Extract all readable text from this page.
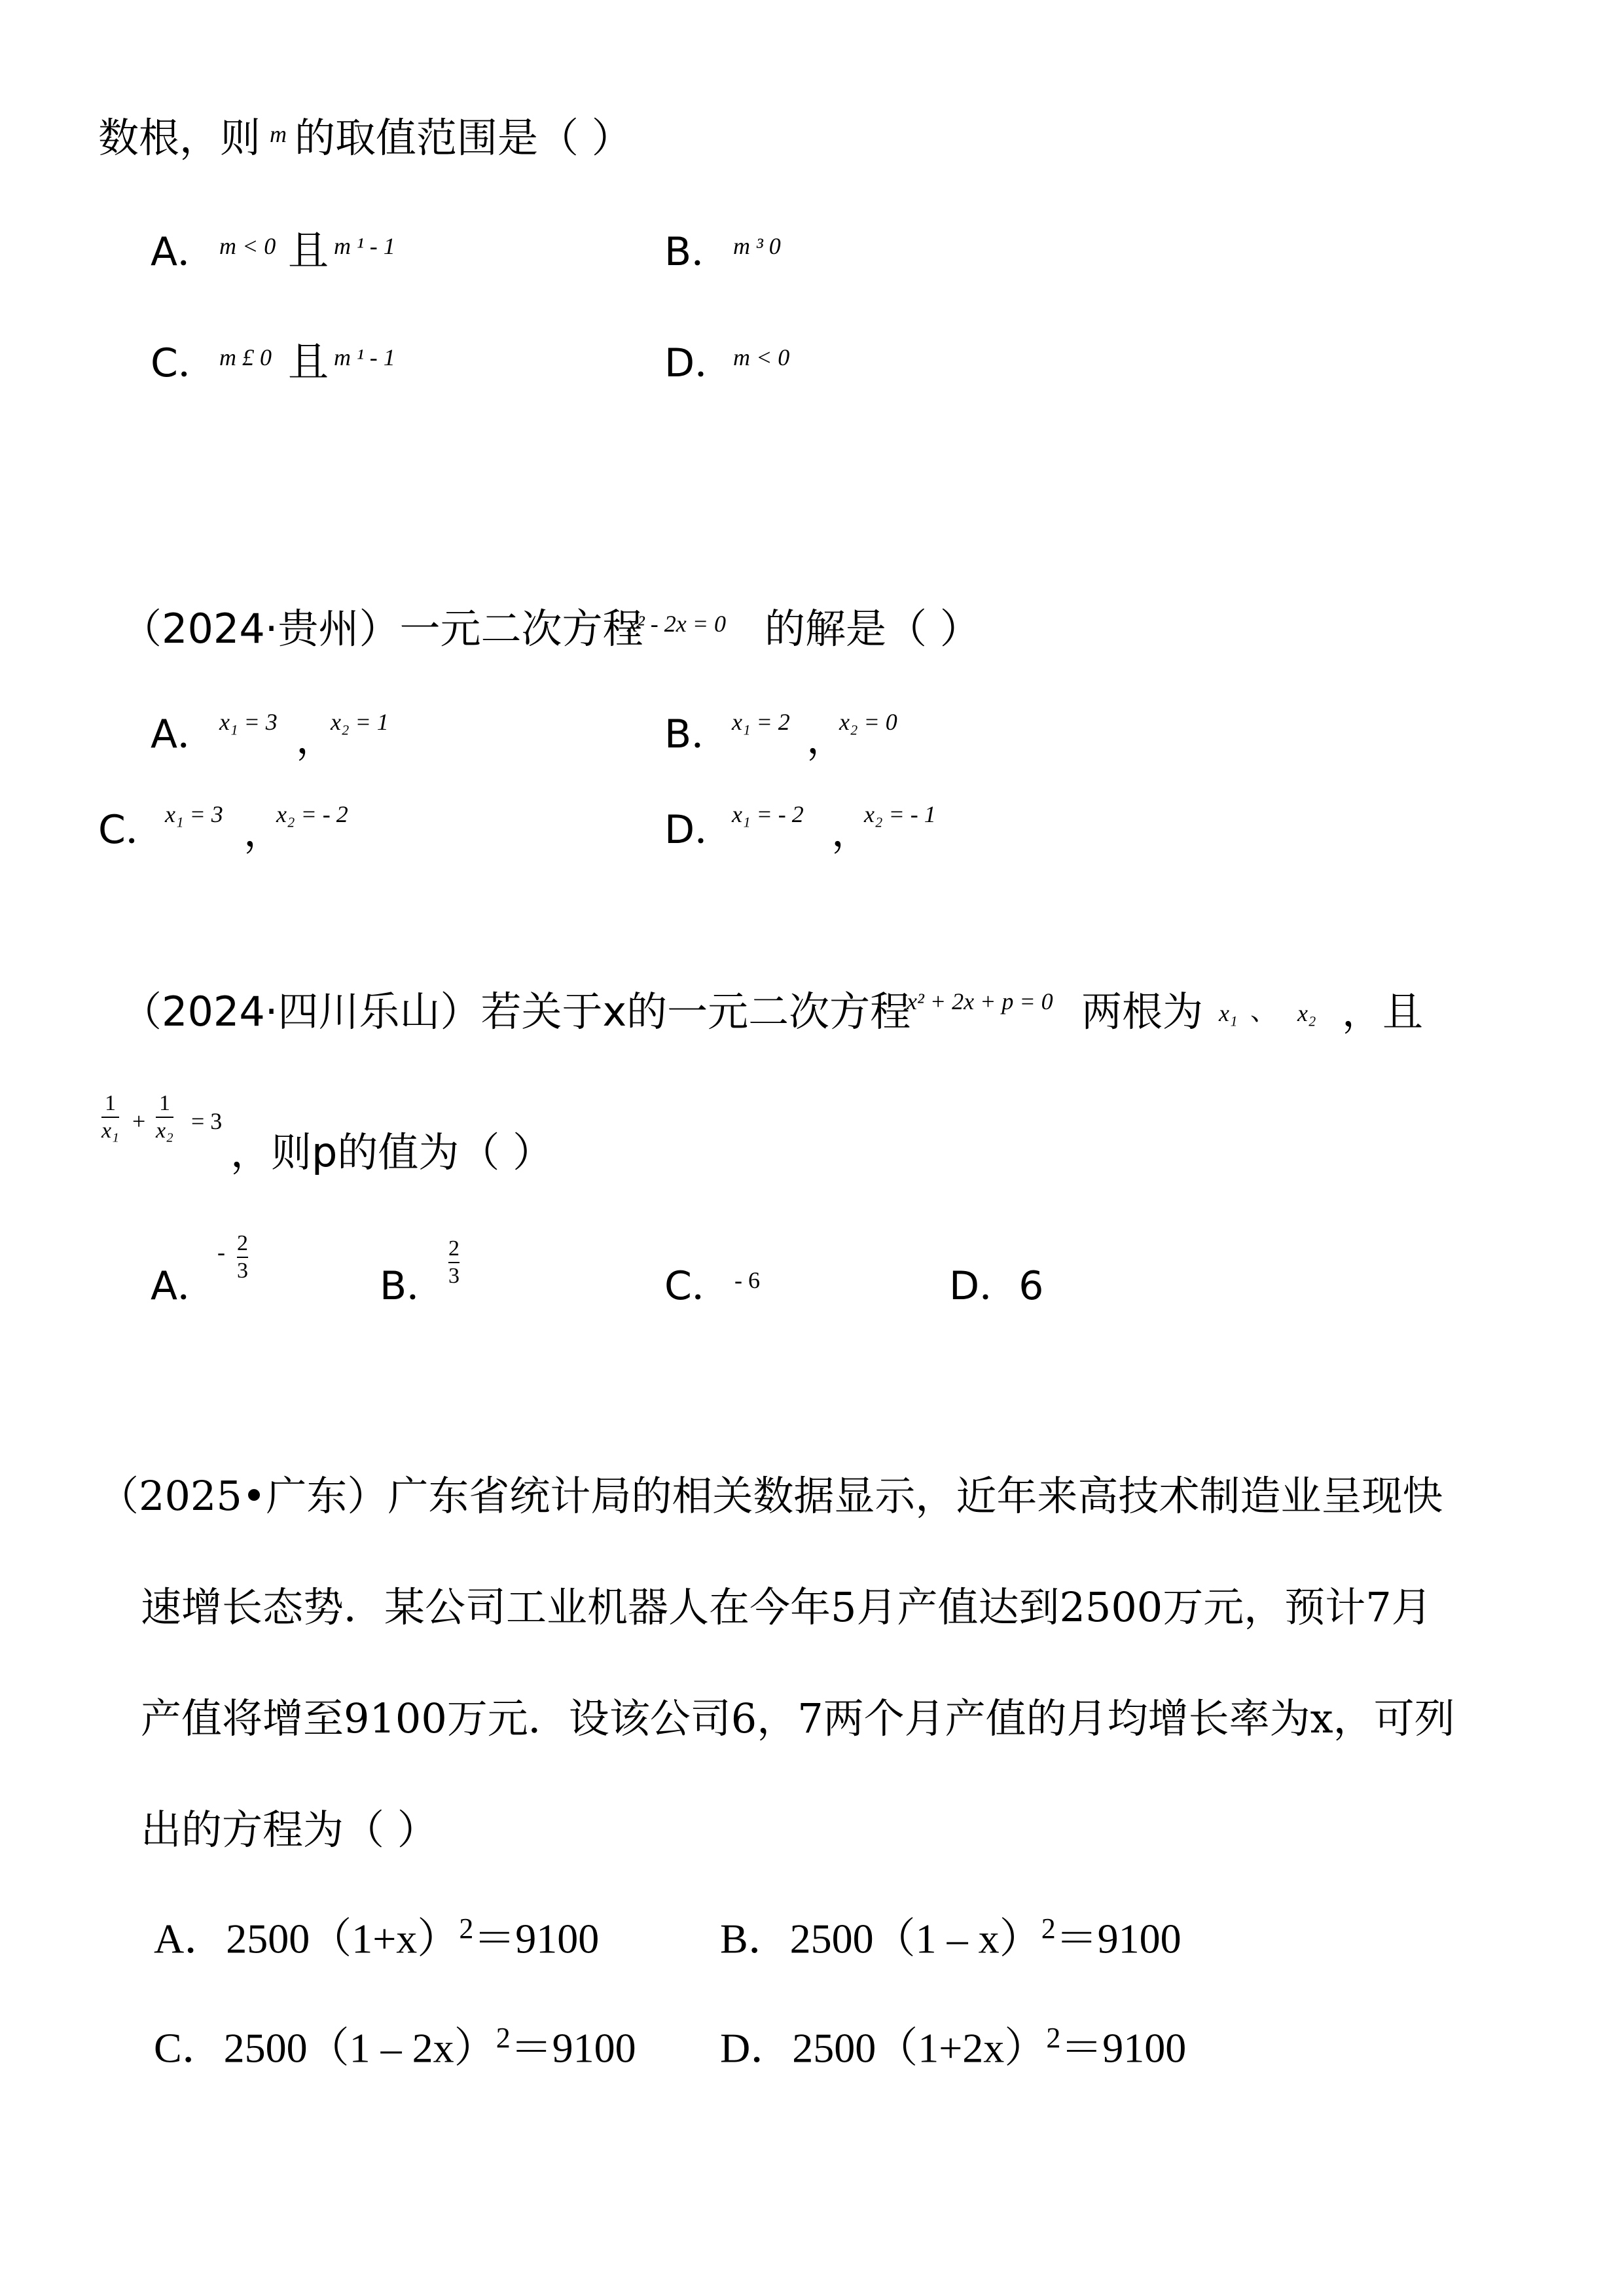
数根，则 m 的取值范围是（ ）
A． m < 0 且 m ¹ - 1	B． m ³ 0
C． m £ 0 且 m ¹ - 1	D．
m < 0
（2024·贵州）一元二次方程
x² - 2x = 0 的解是（ ）
A． x₁ = 3 ，
x₂ = 1	B． x₁ = 2 ，
x₂ = 0
C． x₁ = 3 ，
x₂ = - 2	D．
x₁ = - 2 ，
x₂ = - 1
（2024·四川乐山）若关于x的一元二次方程
x² + 2x + p = 0 两根为 x₁ 、 x₂ ，且
1
x₁ +
1
x₂ = 3
，则p的值为（ ）
A．
- 2
3	B．
2
3	C． - 6	D．6
（2025•广东）广东省统计局的相关数据显示，近年来高技术制造业呈现快
速增长态势．某公司工业机器人在今年5月产值达到2500万元，预计7月
产值将增至9100万元．设该公司6，7两个月产值的月均增长率为x，可列
出的方程为（ ）
A．$2500(1+x)^2=9100$	B．2500（1 – x）$^2$＝9100
C．2500（1 – 2x）$^2$＝9100 D．$2500(1+2x)^2=9100$
